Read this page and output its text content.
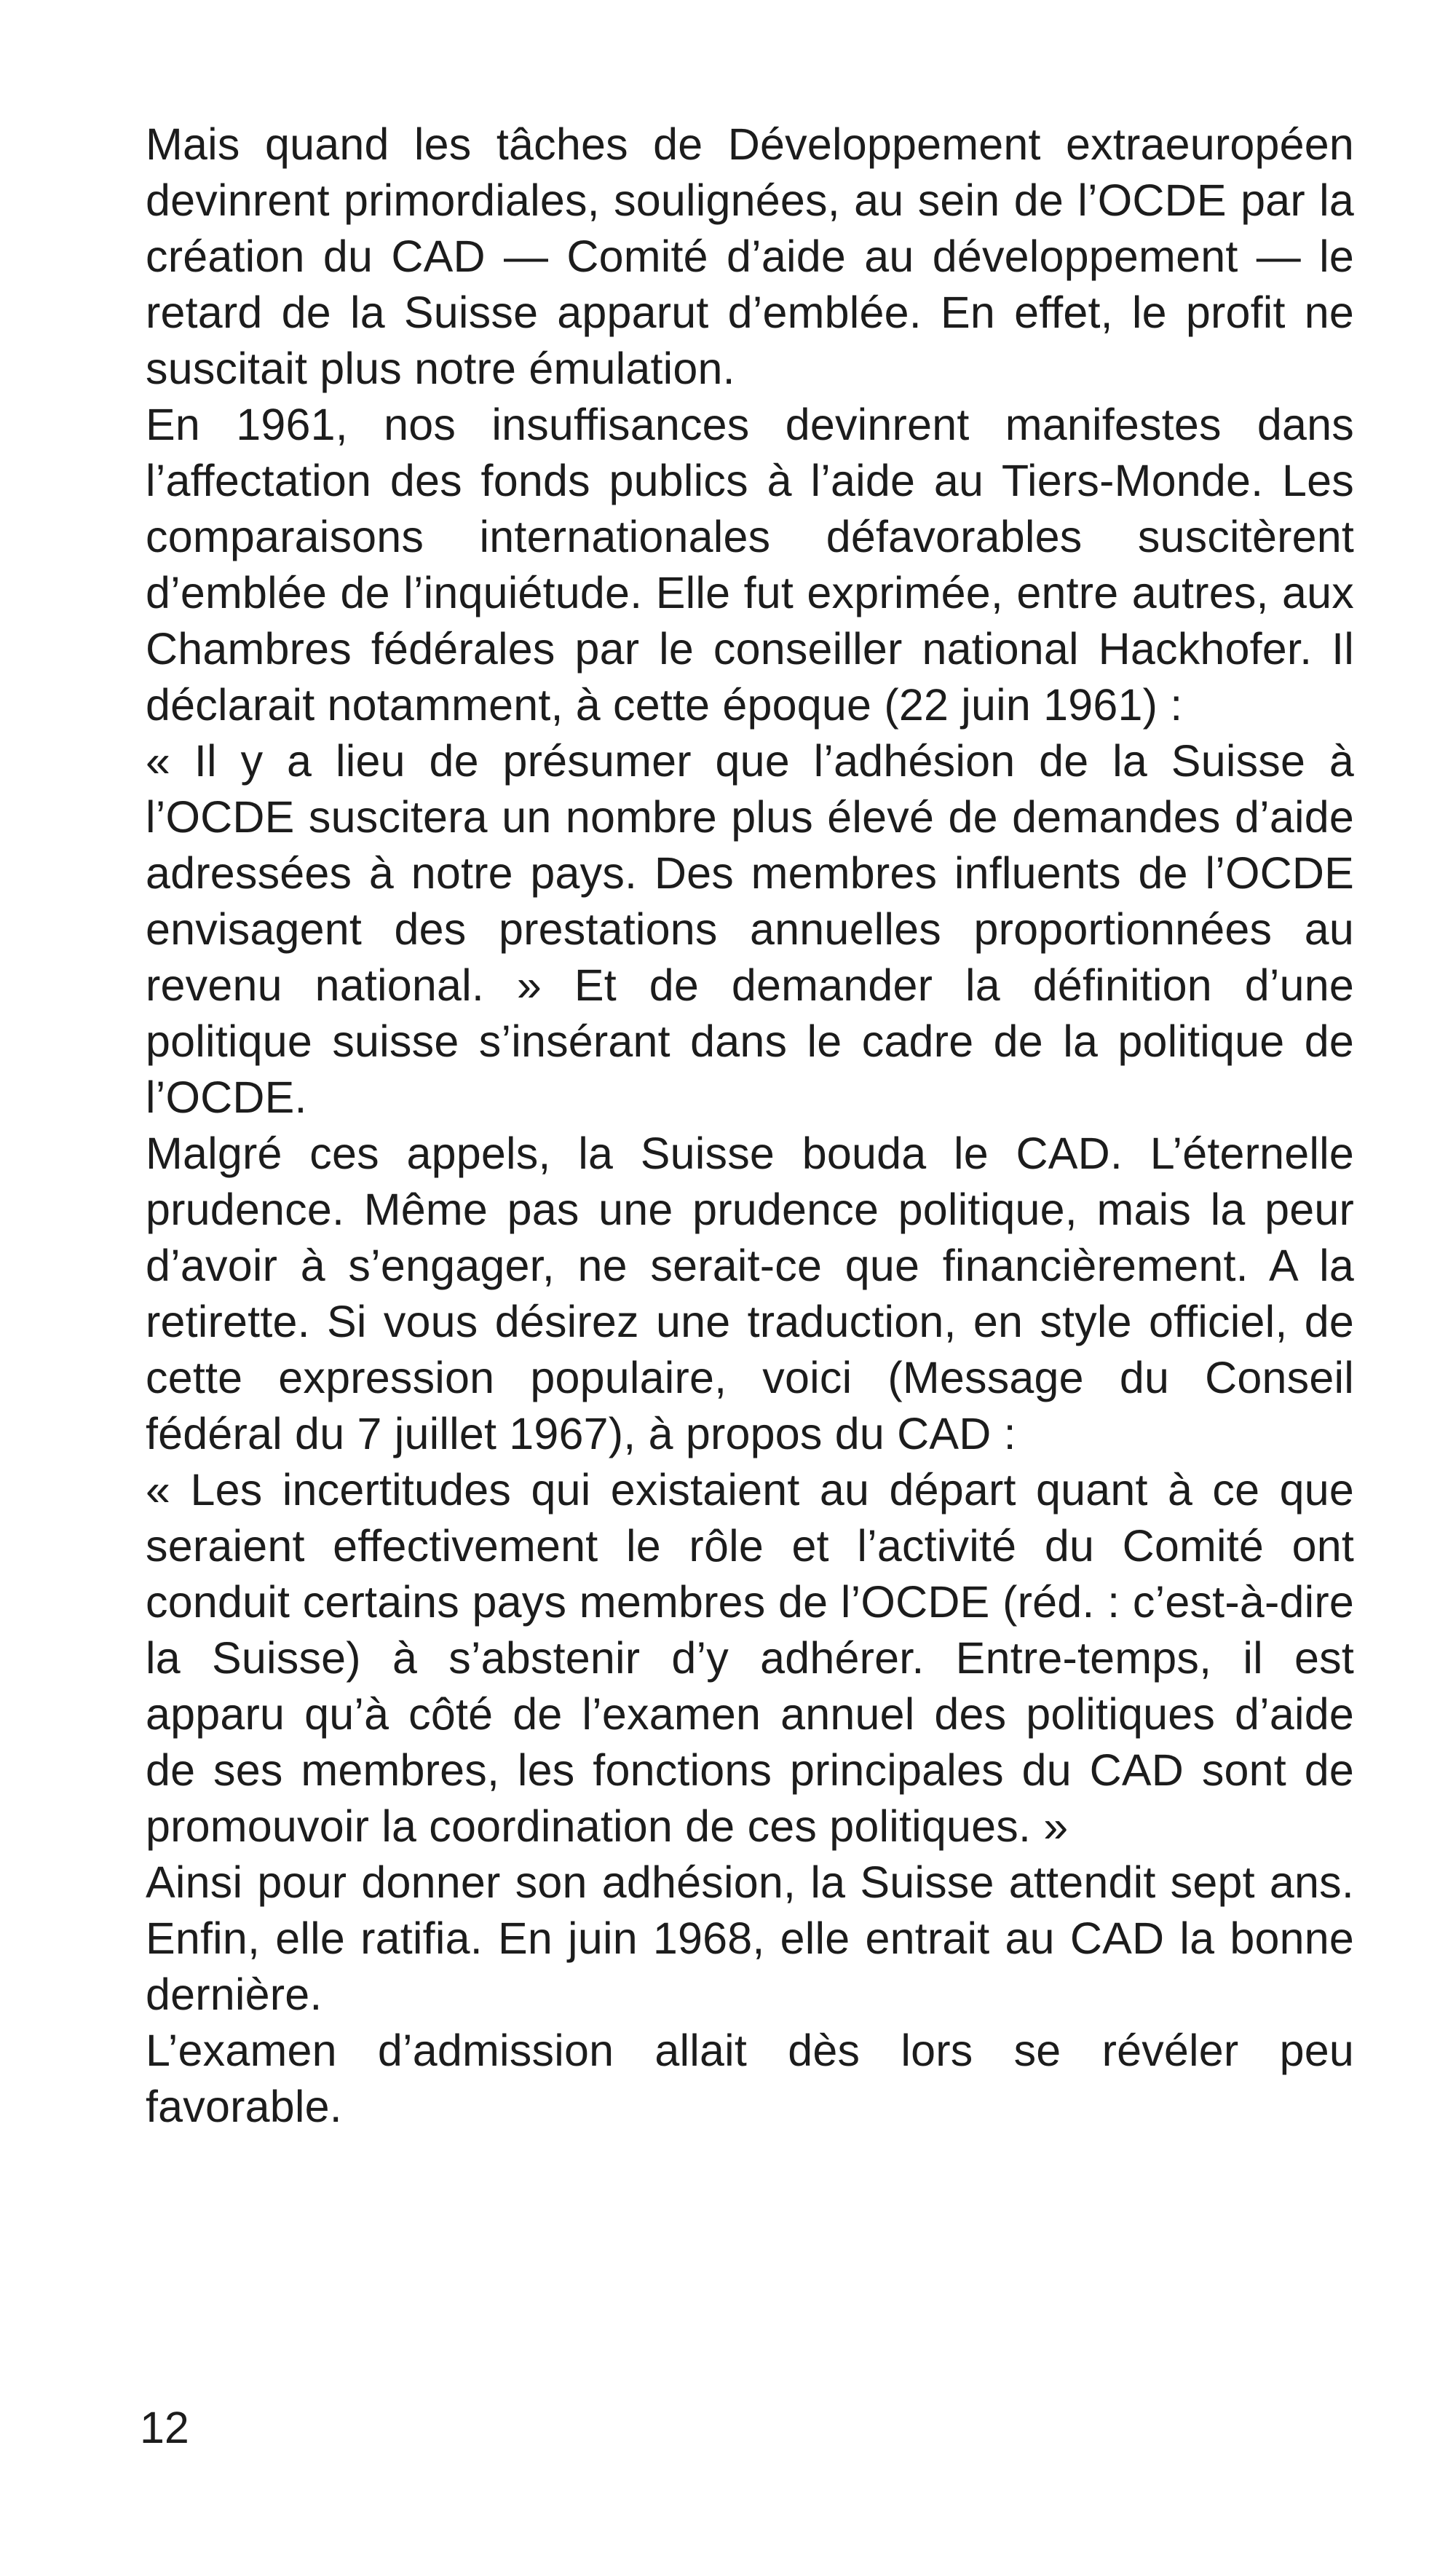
Mais quand les tâches de Développement extraeuropéen devinrent primordiales, soulignées, au sein de l’OCDE par la création du CAD — Comité d’aide au développement — le retard de la Suisse apparut d’emblée. En effet, le profit ne suscitait plus notre émulation.

En 1961, nos insuffisances devinrent manifestes dans l’affectation des fonds publics à l’aide au Tiers-Monde. Les comparaisons internationales défavorables suscitèrent d’emblée de l’inquiétude. Elle fut exprimée, entre autres, aux Chambres fédérales par le conseiller national Hackhofer. Il déclarait notamment, à cette époque (22 juin 1961) :

« Il y a lieu de présumer que l’adhésion de la Suisse à l’OCDE suscitera un nombre plus élevé de demandes d’aide adressées à notre pays. Des membres influents de l’OCDE envisagent des prestations annuelles proportionnées au revenu national. » Et de demander la définition d’une politique suisse s’insérant dans le cadre de la politique de l’OCDE.

Malgré ces appels, la Suisse bouda le CAD. L’éternelle prudence. Même pas une prudence politique, mais la peur d’avoir à s’engager, ne serait-ce que financièrement. A la retirette. Si vous désirez une traduction, en style officiel, de cette expression populaire, voici (Message du Conseil fédéral du 7 juillet 1967), à propos du CAD :

« Les incertitudes qui existaient au départ quant à ce que seraient effectivement le rôle et l’activité du Comité ont conduit certains pays membres de l’OCDE (réd. : c’est-à-dire la Suisse) à s’abstenir d’y adhérer. Entre-temps, il est apparu qu’à côté de l’examen annuel des politiques d’aide de ses membres, les fonctions principales du CAD sont de promouvoir la coordination de ces politiques. »

Ainsi pour donner son adhésion, la Suisse attendit sept ans. Enfin, elle ratifia. En juin 1968, elle entrait au CAD la bonne dernière.

L’examen d’admission allait dès lors se révéler peu favorable.

12
